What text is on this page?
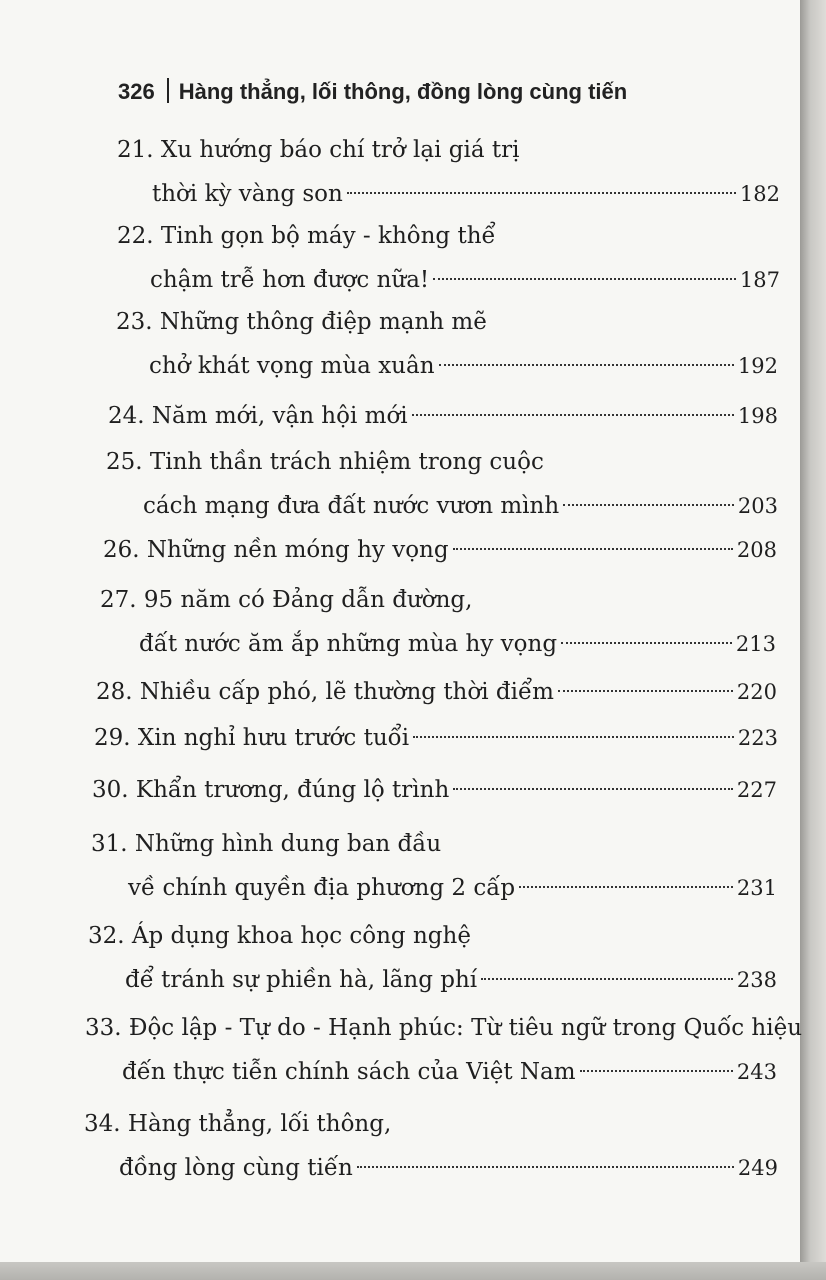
326 Hàng thẳng, lối thông, đồng lòng cùng tiến
21. Xu hướng báo chí trở lại giá trị
thời kỳ vàng son	182
22. Tinh gọn bộ máy - không thể
chậm trễ hơn được nữa!	187
23. Những thông điệp mạnh mẽ
chở khát vọng mùa xuân	192
24. Năm mới, vận hội mới	198
25. Tinh thần trách nhiệm trong cuộc
cách mạng đưa đất nước vươn mình	203
26. Những nền móng hy vọng	208
27. 95 năm có Đảng dẫn đường,
đất nước ăm ắp những mùa hy vọng	213
28. Nhiều cấp phó, lẽ thường thời điểm	220
29. Xin nghỉ hưu trước tuổi	223
30. Khẩn trương, đúng lộ trình	227
31. Những hình dung ban đầu
về chính quyền địa phương 2 cấp	231
32. Áp dụng khoa học công nghệ
để tránh sự phiền hà, lãng phí	238
33. Độc lập - Tự do - Hạnh phúc: Từ tiêu ngữ trong Quốc hiệu
đến thực tiễn chính sách của Việt Nam	243
34. Hàng thẳng, lối thông,
đồng lòng cùng tiến	249
